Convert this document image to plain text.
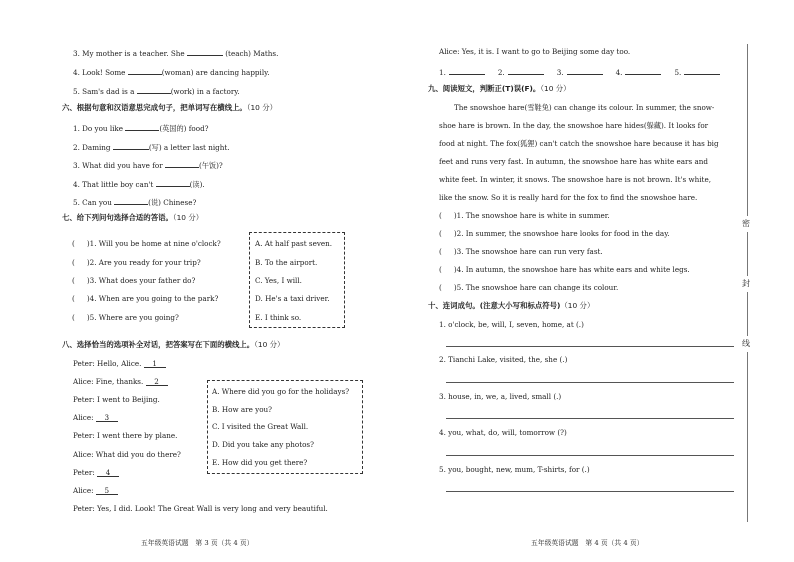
3. My mother is a teacher. She	(teach) Maths.
4. Look! Some	(woman) are dancing happily.
5. Sam's dad is a	(work) in a factory.
六、根据句意和汉语意思完成句子，把单词写在横线上。（10 分）
1. Do you like	(英国的) food?
2. Daming	(写) a letter last night.
3. What did you have for	(午饭)?
4. That little boy can't	(读).
5. Can you	(说) Chinese?
七、给下列问句选择合适的答语。（10 分）
( )1. Will you be home at nine o'clock?
( )2. Are you ready for your trip?
( )3. What does your father do?
( )4. When are you going to the park?
( )5. Where are you going?
A. At half past seven.
B. To the airport.
C. Yes, I will.
D. He's a taxi driver.
E. I think so.
八、选择恰当的选项补全对话，把答案写在下面的横线上。（10 分）
Peter: Hello, Alice. 1
Alice: Fine, thanks. 2
Peter: I went to Beijing.
Alice: 3
Peter: I went there by plane.
Alice: What did you do there?
Peter: 4
Alice: 5
Peter: Yes, I did. Look! The Great Wall is very long and very beautiful.
A. Where did you go for the holidays?
B. How are you?
C. I visited the Great Wall.
D. Did you take any photos?
E. How did you get there?
五年级英语试题　第 3 页（共 4 页）
Alice: Yes, it is. I want to go to Beijing some day too.
1.	2.	3.	4.	5.
九、阅读短文，判断正(T)误(F)。（10 分）
The snowshoe hare(雪鞋兔) can change its colour. In summer, the snow-
shoe hare is brown. In the day, the snowshoe hare hides(躲藏). It looks for
food at night. The fox(狐狸) can't catch the snowshoe hare because it has big
feet and runs very fast. In autumn, the snowshoe hare has white ears and
white feet. In winter, it snows. The snowshoe hare is not brown. It's white,
like the snow. So it is really hard for the fox to find the snowshoe hare.
( )1. The snowshoe hare is white in summer.
( )2. In summer, the snowshoe hare looks for food in the day.
( )3. The snowshoe hare can run very fast.
( )4. In autumn, the snowshoe hare has white ears and white legs.
( )5. The snowshoe hare can change its colour.
十、连词成句。(注意大小写和标点符号)（10 分）
1. o'clock, be, will, I, seven, home, at (.)
2. Tianchi Lake, visited, the, she (.)
3. house, in, we, a, lived, small (.)
4. you, what, do, will, tomorrow (?)
5. you, bought, new, mum, T-shirts, for (.)
五年级英语试题　第 4 页（共 4 页）
密
封
线
